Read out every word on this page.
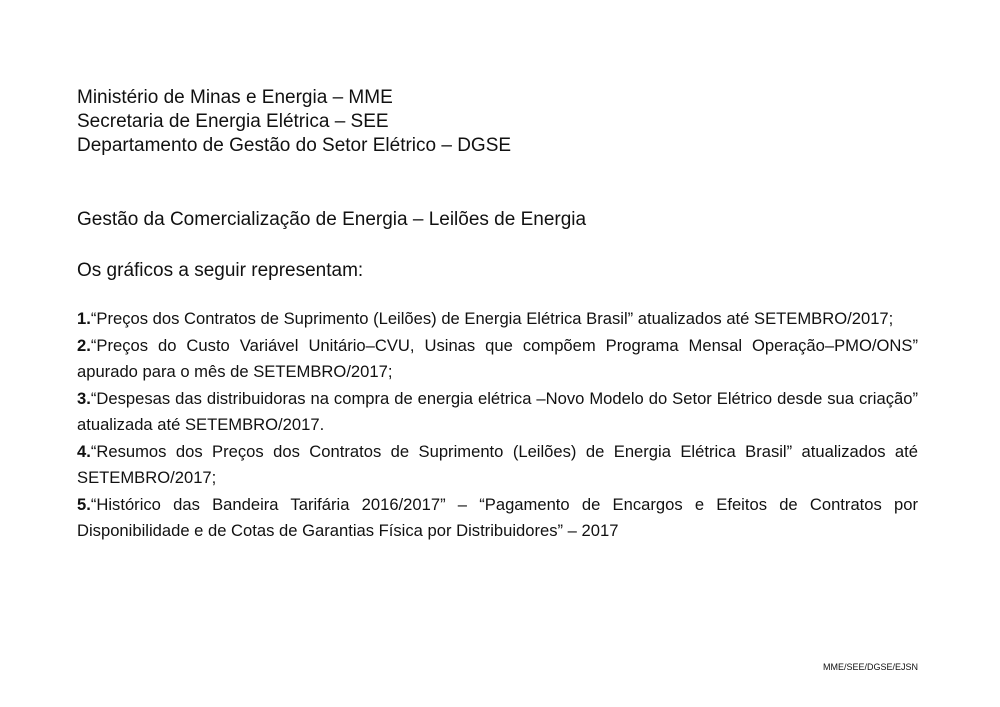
Ministério de Minas e Energia – MME
Secretaria de Energia Elétrica – SEE
Departamento de Gestão do Setor Elétrico – DGSE
Gestão da Comercialização de Energia – Leilões de Energia
Os gráficos a seguir representam:

1.“Preços dos Contratos de Suprimento (Leilões) de Energia Elétrica Brasil” atualizados até SETEMBRO/2017;

2.“Preços do Custo Variável Unitário–CVU, Usinas que compõem Programa Mensal Operação–PMO/ONS” apurado para o mês de SETEMBRO/2017;

3.“Despesas das distribuidoras na compra de energia elétrica –Novo Modelo do Setor Elétrico desde sua criação” atualizada até SETEMBRO/2017.

4.“Resumos dos Preços dos Contratos de Suprimento (Leilões) de Energia Elétrica Brasil” atualizados até SETEMBRO/2017;

5.“Histórico das Bandeira Tarifária 2016/2017” – “Pagamento de Encargos e Efeitos de Contratos por Disponibilidade e de Cotas de Garantias Física por Distribuidores” – 2017

MME/SEE/DGSE/EJSN
